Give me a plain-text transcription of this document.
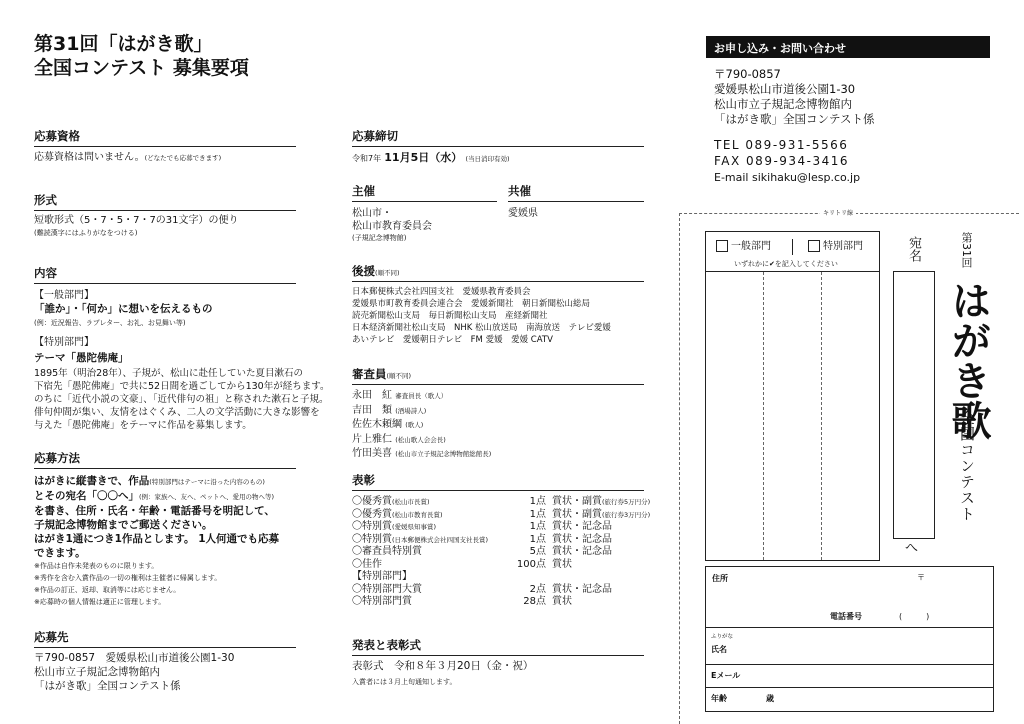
第31回「はがき歌」
全国コンテスト 募集要項
応募資格
応募資格は問いません。(どなたでも応募できます)
形式
短歌形式（5・7・5・7・7の31文字）の便り
(難読漢字にはふりがなをつける)
内容
【一般部門】
「誰か」・「何か」に想いを伝えるもの
(例：近況報告、ラブレター、お礼、お見舞い等)
【特別部門】
テーマ「愚陀佛庵」
1895年（明治28年）、子規が、松山に赴任していた夏目漱石の
下宿先「愚陀佛庵」で共に52日間を過ごしてから130年が経ちます。
のちに「近代小説の文豪」、「近代俳句の祖」と称された漱石と子規。
俳句仲間が集い、友情をはぐくみ、二人の文学活動に大きな影響を
与えた「愚陀佛庵」をテーマに作品を募集します。
応募方法
はがきに縦書きで、作品(特別部門はテーマに沿った内容のもの)
とその宛名「〇〇へ」(例：家族へ、友へ、ペットへ、愛用の物へ等)
を書き、住所・氏名・年齢・電話番号を明記して、
子規記念博物館までご郵送ください。
はがき1通につき1作品とします。 1人何通でも応募
できます。
※作品は自作未発表のものに限ります。
※秀作を含む入賞作品の一切の権利は主催者に帰属します。
※作品の訂正、返却、取消等には応じません。
※応募時の個人情報は適正に管理します。
応募先
〒790-0857　愛媛県松山市道後公園1-30
松山市立子規記念博物館内
「はがき歌」全国コンテスト係
応募締切
令和7年 11月5日（水） (当日消印有効)
主催
松山市・
松山市教育委員会
(子規記念博物館)
共催
愛媛県
後援(順不同)
日本郵便株式会社四国支社　愛媛県教育委員会
愛媛県市町教育委員会連合会　愛媛新聞社　朝日新聞松山総局
読売新聞松山支局　毎日新聞松山支局　産経新聞社
日本経済新聞社松山支局　NHK 松山放送局　南海放送　テレビ愛媛
あいテレビ　愛媛朝日テレビ　FM 愛媛　愛媛 CATV
審査員(順不同)
永田　紅 審査員長（歌人）
吉田　類 (酒場詩人)
佐佐木頼綱 (歌人)
片上雅仁 (松山歌人会会長)
竹田美喜 (松山市立子規記念博物館総館長)
表彰
〇優秀賞(松山市長賞)	1点 賞状・副賞 (旅行券5万円分)
〇優秀賞(松山市教育長賞)	1点 賞状・副賞 (旅行券3万円分)
〇特別賞(愛媛県知事賞)	1点 賞状・記念品
〇特別賞(日本郵便株式会社四国支社長賞)	1点 賞状・記念品
〇審査員特別賞	5点 賞状・記念品
〇佳作	100点 賞状
【特別部門】
〇特別部門大賞	2点 賞状・記念品
〇特別部門賞	28点 賞状
発表と表彰式
表彰式　令和８年３月20日（金・祝）
入賞者には３月上旬通知します。
お申し込み・お問い合わせ
〒790-0857
愛媛県松山市道後公園1-30
松山市立子規記念博物館内
「はがき歌」全国コンテスト係
TEL 089-931-5566
FAX 089-934-3416
E-mail sikihaku@lesp.co.jp
キリトリ線
一般部門	特別部門
いずれかに✔を記入してください
宛名
へ
第31回
はがき歌
全国コンテスト
住所	〒
電話番号	(　　　)
ふりがな
氏名
Eメール
年齢	歳
